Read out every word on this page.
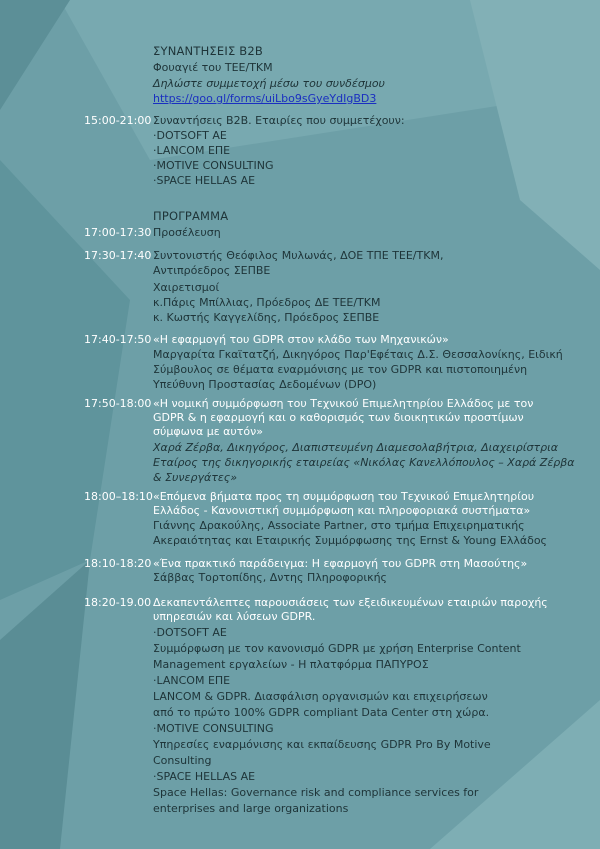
ΣΥΝΑΝΤΗΣΕΙΣ B2B
Φουαγιέ του ΤΕΕ/ΤΚΜ
Δηλώστε συμμετοχή μέσω του συνδέσμου
https://goo.gl/forms/uiLbo9sGyeYdIgBD3
15:00-21:00 Συναντήσεις B2B. Εταιρίες που συμμετέχουν:
·DOTSOFT AE
·LANCOM ΕΠΕ
·MOTIVE CONSULTING
·SPACE HELLAS AE
ΠΡΟΓΡΑΜΜΑ
17:00-17:30 Προσέλευση
17:30-17:40 Συντονιστής Θεόφιλος Μυλωνάς, ΔΟΕ ΤΠΕ ΤΕΕ/ΤΚΜ,
Αντιπρόεδρος ΣΕΠΒΕ
Χαιρετισμοί
κ.Πάρις Μπίλλιας, Πρόεδρος ΔΕ ΤΕΕ/ΤΚΜ
κ. Κωστής Καγγελίδης, Πρόεδρος ΣΕΠΒΕ
17:40-17:50 «Η εφαρμογή του GDPR στον κλάδο των Μηχανικών»
Μαργαρίτα Γκαϊτατζή, Δικηγόρος Παρ'Εφέταις Δ.Σ. Θεσσαλονίκης, Ειδική
Σύμβουλος σε θέματα εναρμόνισης με τον GDPR και πιστοποιημένη
Υπεύθυνη Προστασίας Δεδομένων (DPO)
17:50-18:00 «Η νομική συμμόρφωση του Τεχνικού Επιμελητηρίου Ελλάδος με τον
GDPR & η εφαρμογή και ο καθορισμός των διοικητικών προστίμων
σύμφωνα με αυτόν»
Χαρά Ζέρβα, Δικηγόρος, Διαπιστευμένη Διαμεσολαβήτρια, Διαχειρίστρια
Εταίρος της δικηγορικής εταιρείας «Νικόλας Κανελλόπουλος – Χαρά Ζέρβα
& Συνεργάτες»
18:00–18:10 «Επόμενα βήματα προς τη συμμόρφωση του Τεχνικού Επιμελητηρίου
Ελλάδος - Κανονιστική συμμόρφωση και πληροφοριακά συστήματα»
Γιάννης Δρακούλης, Associate Partner, στο τμήμα Επιχειρηματικής
Ακεραιότητας και Εταιρικής Συμμόρφωσης της Ernst & Young Ελλάδος
18:10-18:20 «Ένα πρακτικό παράδειγμα: Η εφαρμογή του GDPR στη Μασούτης»
Σάββας Τορτοπίδης, Δντης Πληροφορικής
18:20-19.00 Δεκαπεντάλεπτες παρουσιάσεις των εξειδικευμένων εταιριών παροχής
υπηρεσιών και λύσεων GDPR.
·DOTSOFT AE
Συμμόρφωση με τον κανονισμό GDPR με χρήση Enterprise Content
Management εργαλείων - Η πλατφόρμα ΠΑΠΥΡΟΣ
·LANCOM ΕΠΕ
LANCOM & GDPR. Διασφάλιση οργανισμών και επιχειρήσεων
από το πρώτο 100% GDPR compliant Data Center στη χώρα.
·MOTIVE CONSULTING
Υπηρεσίες εναρμόνισης και εκπαίδευσης GDPR Pro By Motive
Consulting
·SPACE HELLAS AE
Space Hellas: Governance risk and compliance services for
enterprises and large organizations
